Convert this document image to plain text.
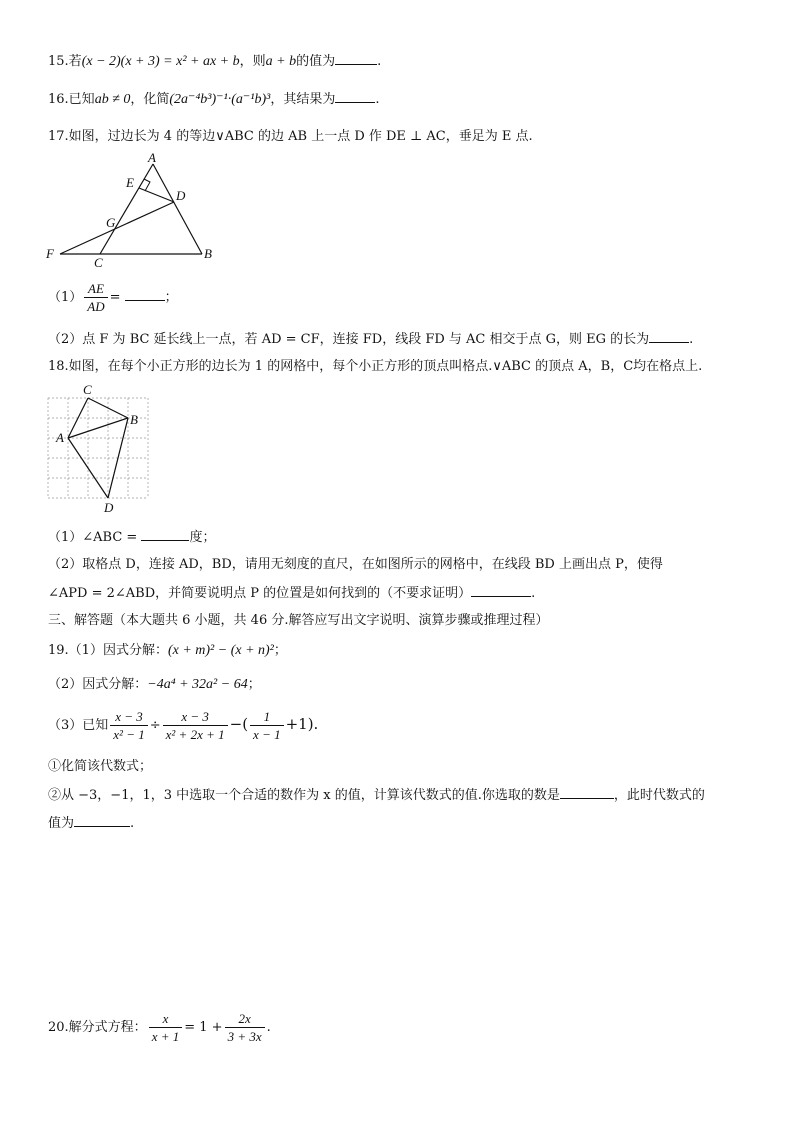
15.若(x − 2)(x + 3) = x² + ax + b，则a + b的值为	.
16.已知ab ≠ 0，化简(2a⁻⁴b³)⁻¹·(a⁻¹b)³，其结果为	.
17.如图，过边长为 4 的等边∨ABC 的边 AB 上一点 D 作 DE ⊥ AC，垂足为 E 点.
A
E
D
G
F
C
B
$(1) \frac{AE}{AD}$ =	；
（2）点 F 为 BC 延长线上一点，若 AD = CF，连接 FD，线段 FD 与 AC 相交于点 G，则 EG 的长为	.
18.如图，在每个小正方形的边长为 1 的网格中，每个小正方形的顶点叫格点.∨ABC 的顶点 A，B，C均在格点上.
C
B
A
D
（1）∠ABC =	度；
（2）取格点 D，连接 AD，BD，请用无刻度的直尺，在如图所示的网格中，在线段 BD 上画出点 P，使得
∠APD = 2∠ABD，并简要说明点 P 的位置是如何找到的（不要求证明）	.
三、解答题（本大题共 6 小题，共 46 分.解答应写出文字说明、演算步骤或推理过程）
19.（1）因式分解：(x + m)² − (x + n)²；
（2）因式分解：−4a⁴ + 32a² − 64；
（3）已知 $\frac{x - 3}{\text{x² − 1}} \div \frac{x - 3}{\text{x² + 2x + 1}}$ −( $\frac{1}{x - 1} +1$).
①化简该代数式；
②从 −3，−1，1，3 中选取一个合适的数作为 x 的值，计算该代数式的值.你选取的数是	，此时代数式的
值为	.
20.解分式方程： $\frac{x}{x + 1} = 1 + \frac{2x}{3 + 3x}$ .
